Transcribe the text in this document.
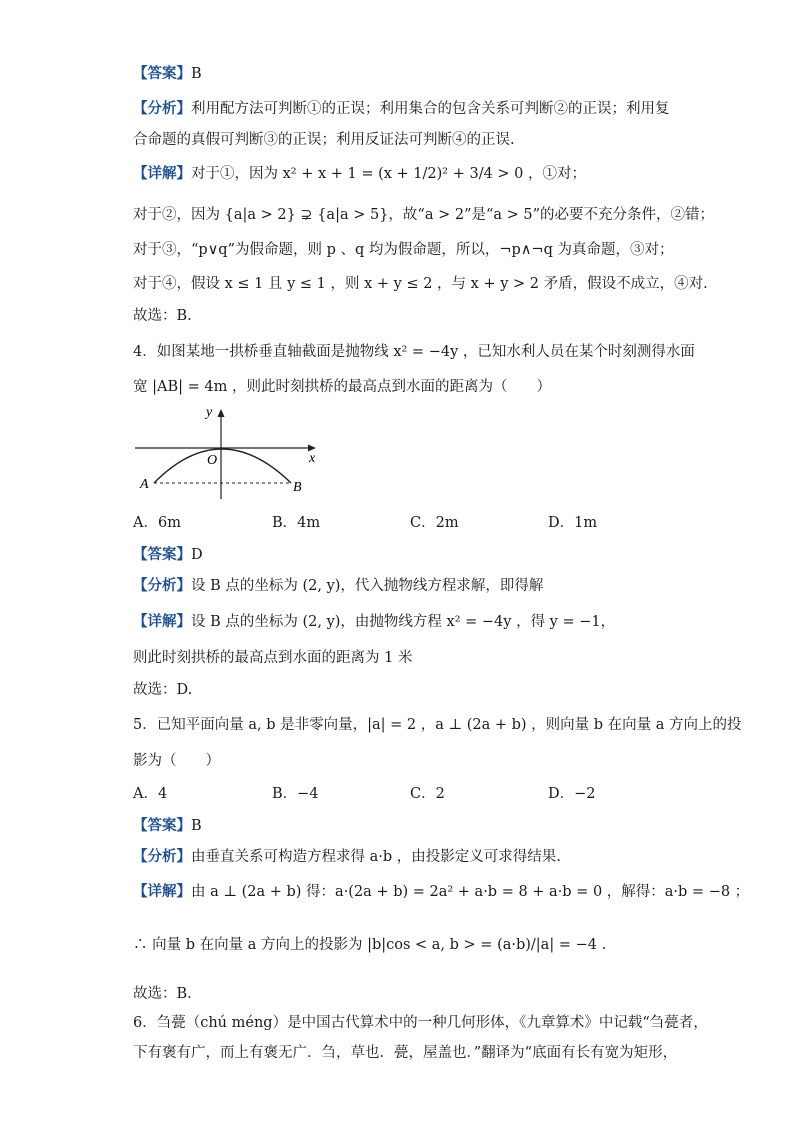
【答案】B
【分析】利用配方法可判断①的正误；利用集合的包含关系可判断②的正误；利用复
合命题的真假可判断③的正误；利用反证法可判断④的正误.
【详解】对于①，因为 x² + x + 1 = (x + 1/2)² + 3/4 > 0 ，①对；
对于②，因为 {a|a > 2} ⊋ {a|a > 5}，故“a > 2”是“a > 5”的必要不充分条件，②错；
对于③，“p∨q”为假命题，则 p 、q 均为假命题，所以，¬p∧¬q 为真命题，③对；
对于④，假设 x ≤ 1 且 y ≤ 1 ，则 x + y ≤ 2 ，与 x + y > 2 矛盾，假设不成立，④对.
故选：B.
4．如图某地一拱桥垂直轴截面是抛物线 x² = −4y ，已知水利人员在某个时刻测得水面
宽 |AB| = 4m ，则此时刻拱桥的最高点到水面的距离为（　　）
x
y
O
A	B
A．6m	B．4m	C．2m	D．1m
【答案】D
【分析】设 B 点的坐标为 (2, y)，代入抛物线方程求解，即得解
【详解】设 B 点的坐标为 (2, y)，由抛物线方程 x² = −4y ，得 y = −1，
则此时刻拱桥的最高点到水面的距离为 1 米
故选：D.
5．已知平面向量 a, b 是非零向量，|a| = 2 ，a ⊥ (2a + b) ，则向量 b 在向量 a 方向上的投
影为（　　）
A．4	B．−4	C．2	D．−2
【答案】B
【分析】由垂直关系可构造方程求得 a·b ，由投影定义可求得结果.
【详解】由 a ⊥ (2a + b) 得：a·(2a + b) = 2a² + a·b = 8 + a·b = 0 ，解得：a·b = −8 ；
∴ 向量 b 在向量 a 方向上的投影为 |b|cos < a, b > = (a·b)/|a| = −4 .
故选：B.
6．刍甍（chú méng）是中国古代算术中的一种几何形体，《九章算术》中记载“刍甍者，
下有褒有广，而上有褒无广．刍，草也．甍，屋盖也．”翻译为“底面有长有宽为矩形，
